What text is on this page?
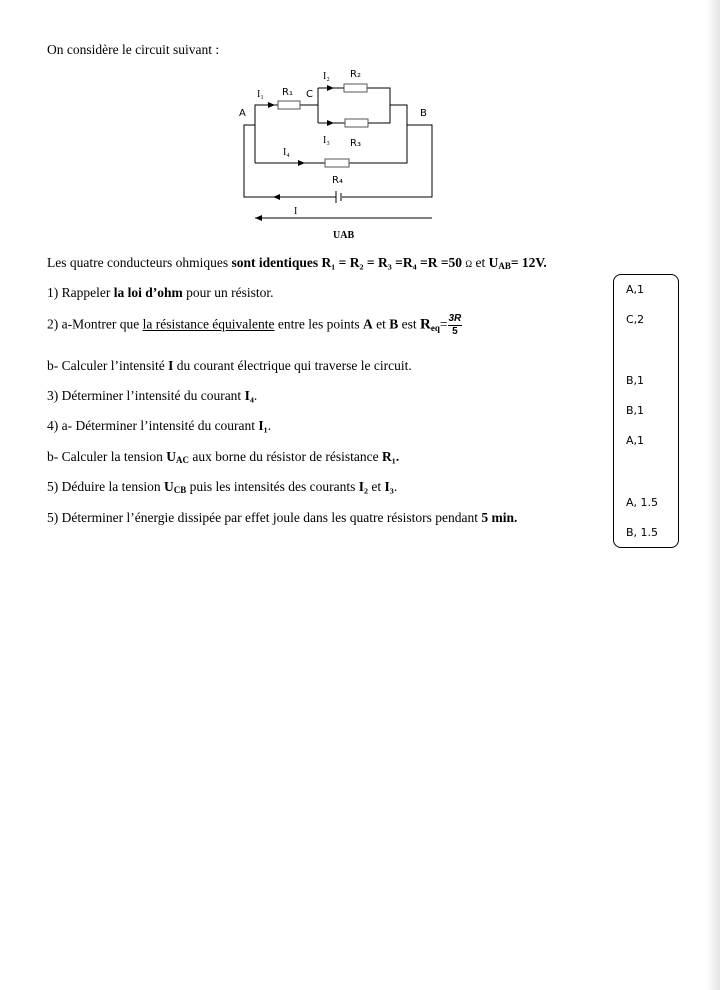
On considère le circuit suivant :
A	B
C
I₁ R₁
I₂ R₂
I₃ R₃
I₄
R₄
I
UAB
Les quatre conducteurs ohmiques sont identiques R₁ = R₂ = R₃ =R₄ =R =50 Ω et $U_{AB}= 12V$.
1) Rappeler la loi d’ohm pour un résistor.
2) a-Montrer que la résistance équivalente entre les points A et B est $R_{eq}= \frac{3R}{5}$
b- Calculer l’intensité I du courant électrique qui traverse le circuit.
3) Déterminer l’intensité du courant I₄.
4) a- Déterminer l’intensité du courant I₁.
b- Calculer la tension $U_{AC}$ aux borne du résistor de résistance R₁.
5) Déduire la tension $U_{CB}$ puis les intensités des courants I₂ et I₃.
5) Déterminer l’énergie dissipée par effet joule dans les quatre résistors pendant 5 min.
A,1
C,2
B,1
B,1
A,1
A, 1.5
B, 1.5
